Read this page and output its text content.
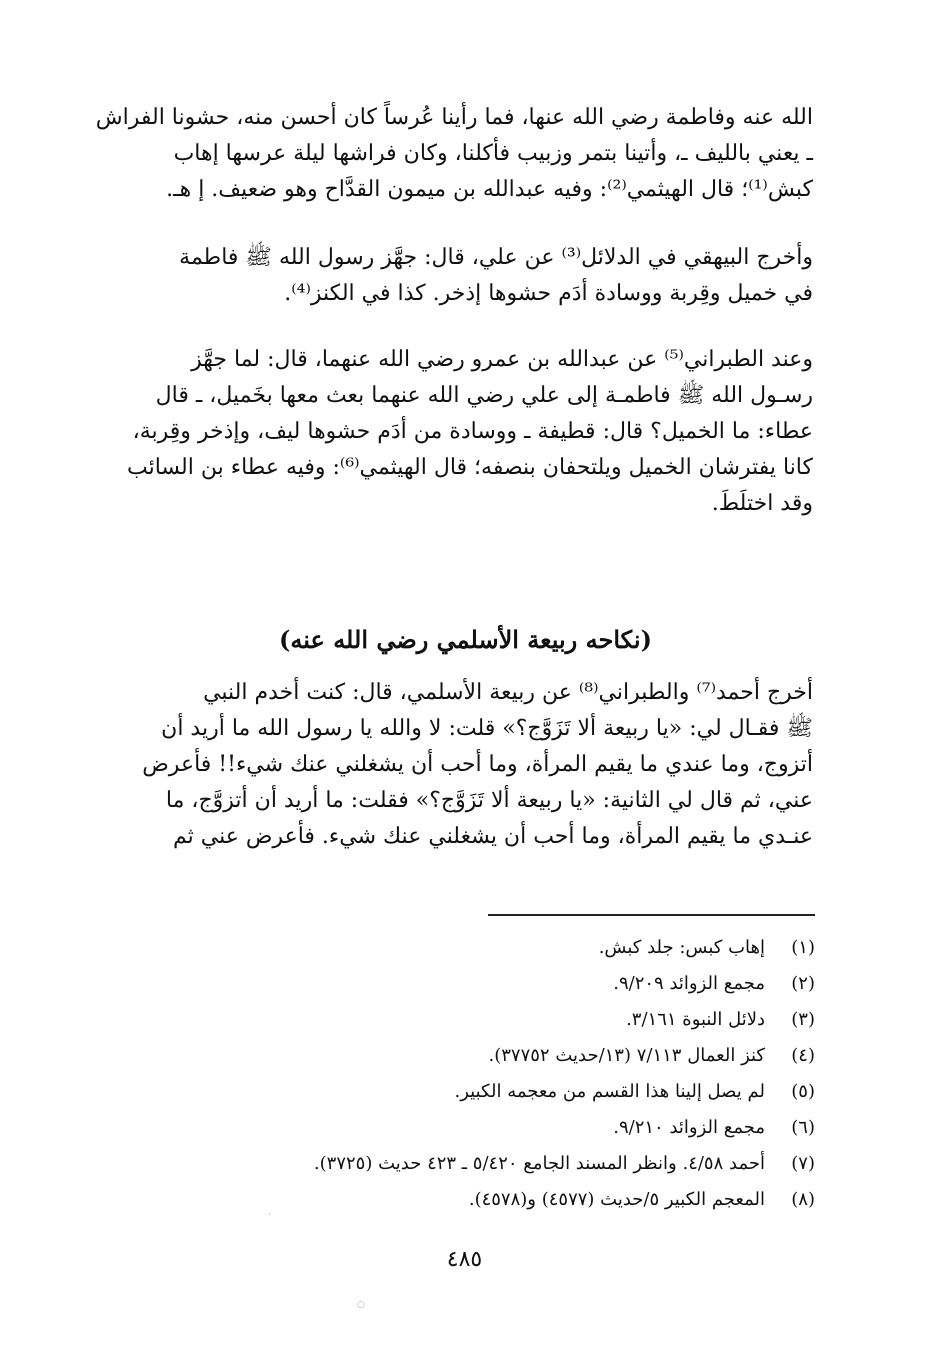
الله عنه وفاطمة رضي الله عنها، فما رأينا عُرساً كان أحسن منه، حشونا الفراش
ـ يعني بالليف ـ، وأتينا بتمر وزبيب فأكلنا، وكان فراشها ليلة عرسها إهاب
كبش⁽¹⁾؛ قال الهيثمي⁽²⁾: وفيه عبدالله بن ميمون القدَّاح وهو ضعيف. إ هـ.
وأخرج البيهقي في الدلائل⁽³⁾ عن علي، قال: جهَّز رسول الله ﷺ فاطمة
في خميل وقِربة ووسادة أدَم حشوها إذخر. كذا في الكنز⁽⁴⁾.
وعند الطبراني⁽⁵⁾ عن عبدالله بن عمرو رضي الله عنهما، قال: لما جهَّز
رسـول الله ﷺ فاطمـة إلى علي رضي الله عنهما بعث معها بخَميل، ـ قال
عطاء: ما الخميل؟ قال: قطيفة ـ ووسادة من أدَم حشوها ليف، وإذخر وقِربة،
كانا يفترشان الخميل ويلتحفان بنصفه؛ قال الهيثمي⁽⁶⁾: وفيه عطاء بن السائب
وقد اختلَطَ.
(نكاحه ربيعة الأسلمي رضي الله عنه)
أخرج أحمد⁽⁷⁾ والطبراني⁽⁸⁾ عن ربيعة الأسلمي، قال: كنت أخدم النبي
ﷺ فقـال لي: «يا ربيعة ألا تَزَوَّج؟» قلت: لا والله يا رسول الله ما أريد أن
أتزوج، وما عندي ما يقيم المرأة، وما أحب أن يشغلني عنك شيء!! فأعرض
عني، ثم قال لي الثانية: «يا ربيعة ألا تَزَوَّج؟» فقلت: ما أريد أن أتزوَّج، ما
عنـدي ما يقيم المرأة، وما أحب أن يشغلني عنك شيء. فأعرض عني ثم
(١)
إهاب كبس: جلد كبش.
(٢)
مجمع الزوائد ٩/٢٠٩.
(٣)
دلائل النبوة ٣/١٦١.
(٤)
كنز العمال ٧/١١٣ (١٣/حديث ٣٧٧٥٢).
(٥)
لم يصل إلينا هذا القسم من معجمه الكبير.
(٦)
مجمع الزوائد ٩/٢١٠.
(٧)
أحمد ٤/٥٨. وانظر المسند الجامع ٥/٤٢٠ ـ ٤٢٣ حديث (٣٧٢٥).
(٨)
المعجم الكبير ٥/حديث (٤٥٧٧) و(٤٥٧٨).
٤٨٥
○
·
